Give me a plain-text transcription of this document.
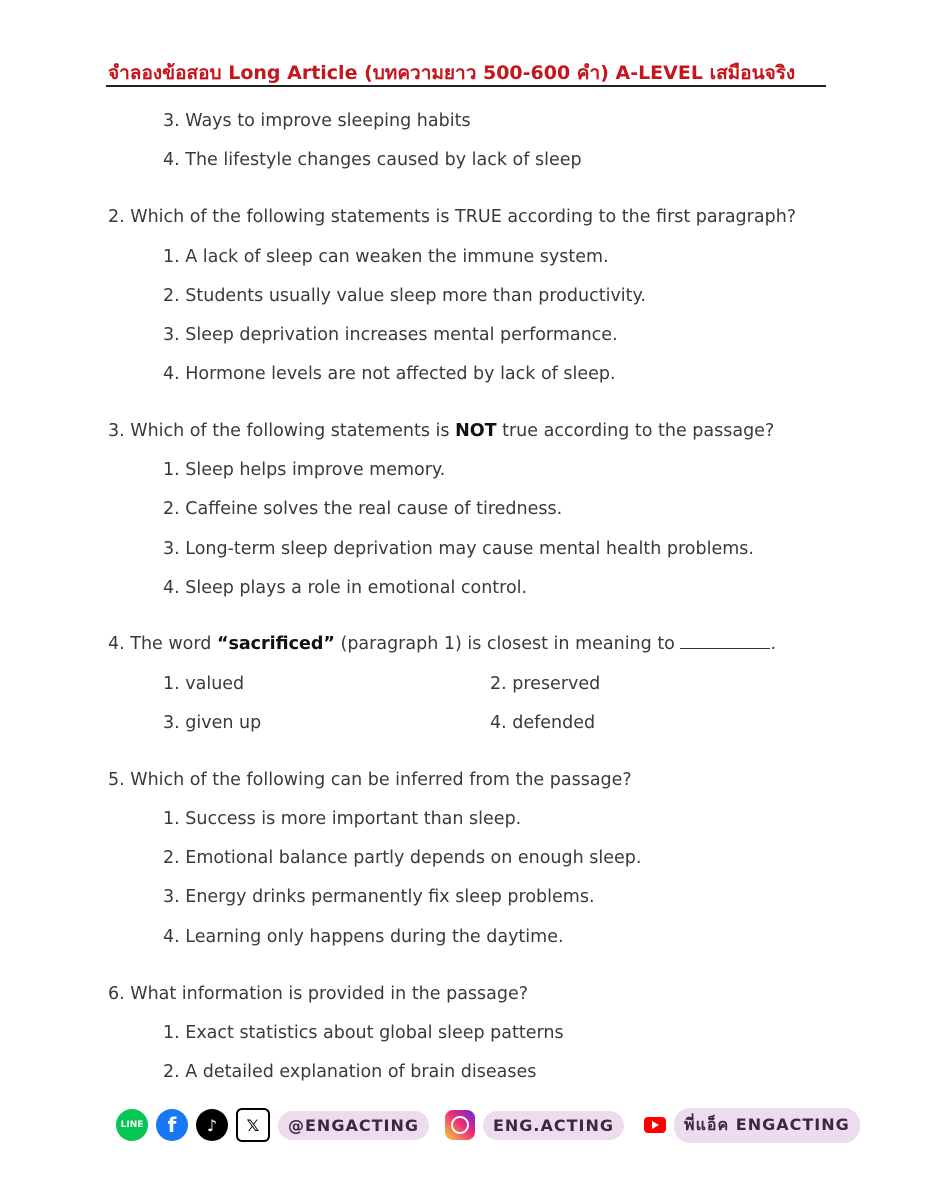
จำลองข้อสอบ Long Article (บทความยาว 500-600 คำ) A-LEVEL เสมือนจริง
3. Ways to improve sleeping habits
4. The lifestyle changes caused by lack of sleep
2. Which of the following statements is TRUE according to the first paragraph?
1. A lack of sleep can weaken the immune system.
2. Students usually value sleep more than productivity.
3. Sleep deprivation increases mental performance.
4. Hormone levels are not affected by lack of sleep.
3. Which of the following statements is NOT true according to the passage?
1. Sleep helps improve memory.
2. Caffeine solves the real cause of tiredness.
3. Long-term sleep deprivation may cause mental health problems.
4. Sleep plays a role in emotional control.
4. The word “sacrificed” (paragraph 1) is closest in meaning to	.
1. valued	2. preserved
3. given up	4. defended
5. Which of the following can be inferred from the passage?
1. Success is more important than sleep.
2. Emotional balance partly depends on enough sleep.
3. Energy drinks permanently fix sleep problems.
4. Learning only happens during the daytime.
6. What information is provided in the passage?
1. Exact statistics about global sleep patterns
2. A detailed explanation of brain diseases
LINE	f	♪	𝕏	@ENGACTING	ENG.ACTING	พี่แอ็ค ENGACTING
